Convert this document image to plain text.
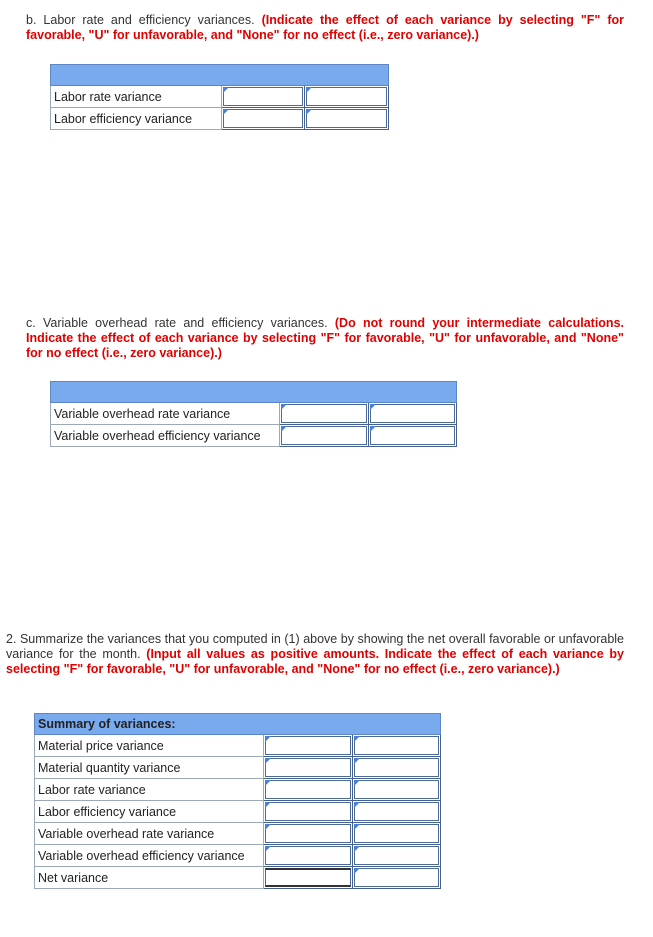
b. Labor rate and efficiency variances. (Indicate the effect of each variance by selecting "F" for favorable, "U" for unfavorable, and "None" for no effect (i.e., zero variance).)

Labor rate variance	

Labor efficiency variance	

c. Variable overhead rate and efficiency variances. (Do not round your intermediate calculations. Indicate the effect of each variance by selecting "F" for favorable, "U" for unfavorable, and "None" for no effect (i.e., zero variance).)

Variable overhead rate variance	

Variable overhead efficiency variance	

2. Summarize the variances that you computed in (1) above by showing the net overall favorable or unfavorable variance for the month. (Input all values as positive amounts. Indicate the effect of each variance by selecting "F" for favorable, "U" for unfavorable, and "None" for no effect (i.e., zero variance).)
Summary of variances:		
Material price variance	

Material quantity variance	

Labor rate variance	

Labor efficiency variance	

Variable overhead rate variance	

Variable overhead efficiency variance	

Net variance	
